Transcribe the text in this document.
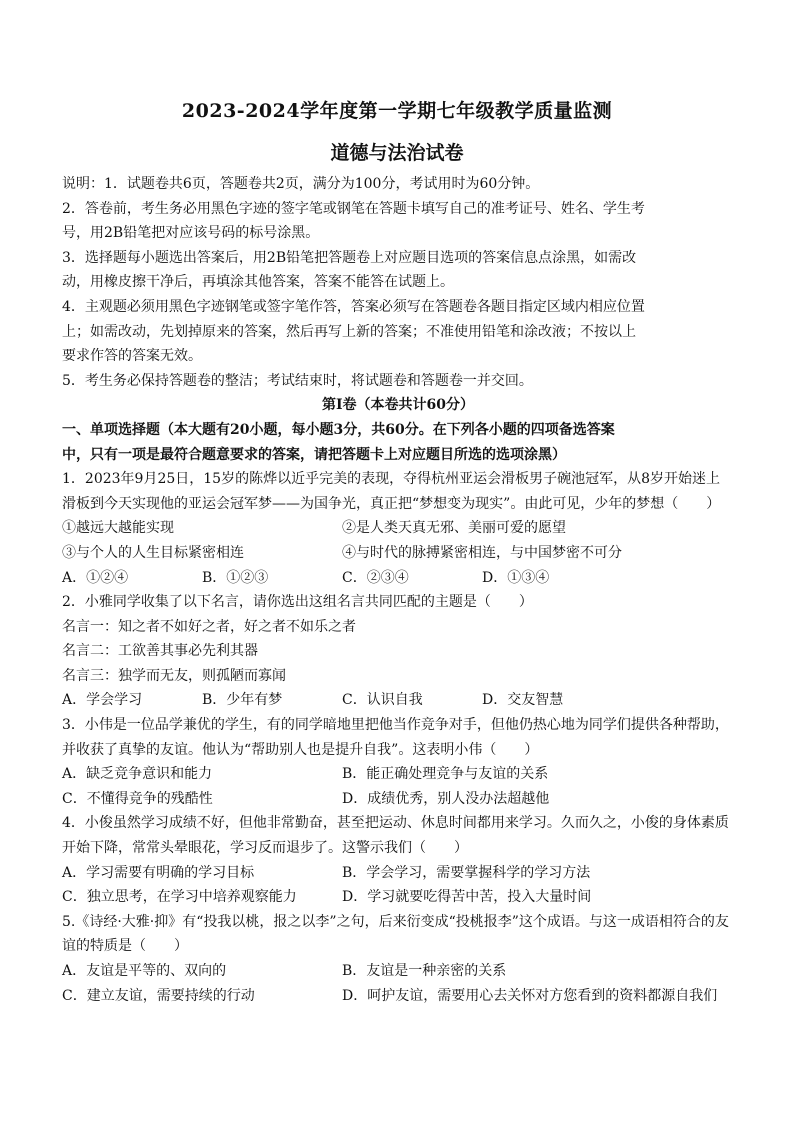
2023-2024学年度第一学期七年级教学质量监测
道德与法治试卷
说明：1．试题卷共6页，答题卷共2页，满分为100分，考试用时为60分钟。
2．答卷前，考生务必用黑色字迹的签字笔或钢笔在答题卡填写自己的准考证号、姓名、学生考
号，用2B铅笔把对应该号码的标号涂黑。
3．选择题每小题选出答案后，用2B铅笔把答题卷上对应题目选项的答案信息点涂黑，如需改
动，用橡皮擦干净后，再填涂其他答案，答案不能答在试题上。
4．主观题必须用黑色字迹钢笔或签字笔作答，答案必须写在答题卷各题目指定区域内相应位置
上；如需改动，先划掉原来的答案，然后再写上新的答案；不准使用铅笔和涂改液；不按以上
要求作答的答案无效。
5．考生务必保持答题卷的整洁；考试结束时，将试题卷和答题卷一并交回。
第Ⅰ卷（本卷共计60分）
一、单项选择题（本大题有20小题，每小题3分，共60分。在下列各小题的四项备选答案
中，只有一项是最符合题意要求的答案，请把答题卡上对应题目所选的选项涂黑）
1．2023年9月25日，15岁的陈烨以近乎完美的表现，夺得杭州亚运会滑板男子碗池冠军，从8岁开始迷上
滑板到今天实现他的亚运会冠军梦——为国争光，真正把“梦想变为现实”。由此可见，少年的梦想（　　）
①越远大越能实现	②是人类天真无邪、美丽可爱的愿望
③与个人的人生目标紧密相连	④与时代的脉搏紧密相连，与中国梦密不可分
A．①②④	B．①②③	C．②③④	D．①③④
2．小雅同学收集了以下名言，请你选出这组名言共同匹配的主题是（　　）
名言一：知之者不如好之者，好之者不如乐之者
名言二：工欲善其事必先利其器
名言三：独学而无友，则孤陋而寡闻
A．学会学习	B．少年有梦	C．认识自我	D．交友智慧
3．小伟是一位品学兼优的学生，有的同学暗地里把他当作竞争对手，但他仍热心地为同学们提供各种帮助，
并收获了真挚的友谊。他认为“帮助别人也是提升自我”。这表明小伟（　　）
A．缺乏竞争意识和能力	B．能正确处理竞争与友谊的关系
C．不懂得竞争的残酷性	D．成绩优秀，别人没办法超越他
4．小俊虽然学习成绩不好，但他非常勤奋，甚至把运动、休息时间都用来学习。久而久之，小俊的身体素质
开始下降，常常头晕眼花，学习反而退步了。这警示我们（　　）
A．学习需要有明确的学习目标	B．学会学习，需要掌握科学的学习方法
C．独立思考，在学习中培养观察能力	D．学习就要吃得苦中苦，投入大量时间
5.《诗经·大雅·抑》有“投我以桃，报之以李”之句，后来衍变成“投桃报李”这个成语。与这一成语相符合的友
谊的特质是（　　）
A．友谊是平等的、双向的	B．友谊是一种亲密的关系
C．建立友谊，需要持续的行动	D．呵护友谊，需要用心去关怀对方您看到的资料都源自我们
